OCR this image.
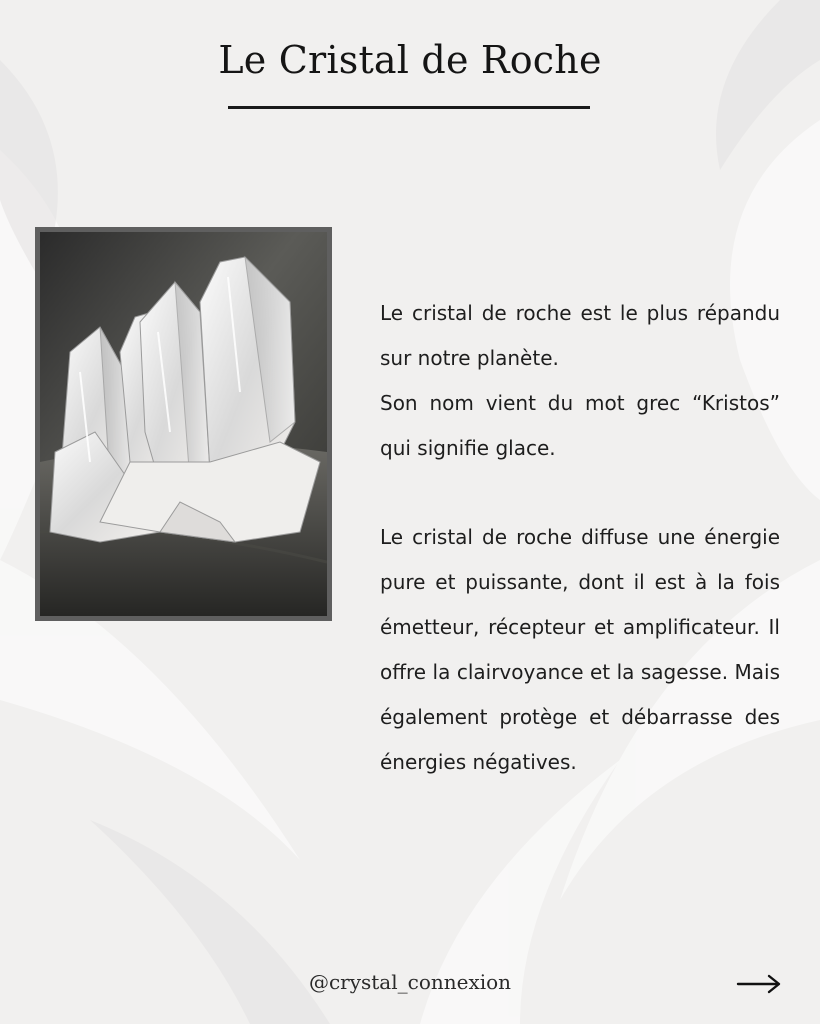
Le Cristal de Roche

Le cristal de roche est le plus répandu sur notre planète.

Son nom vient du mot grec “Kristos” qui signifie glace.

Le cristal de roche diffuse une énergie pure et puissante, dont il est à la fois émetteur, récepteur et amplificateur. Il offre la clairvoyance et la sagesse. Mais également protège et débarrasse des énergies négatives.

@crystal_connexion
